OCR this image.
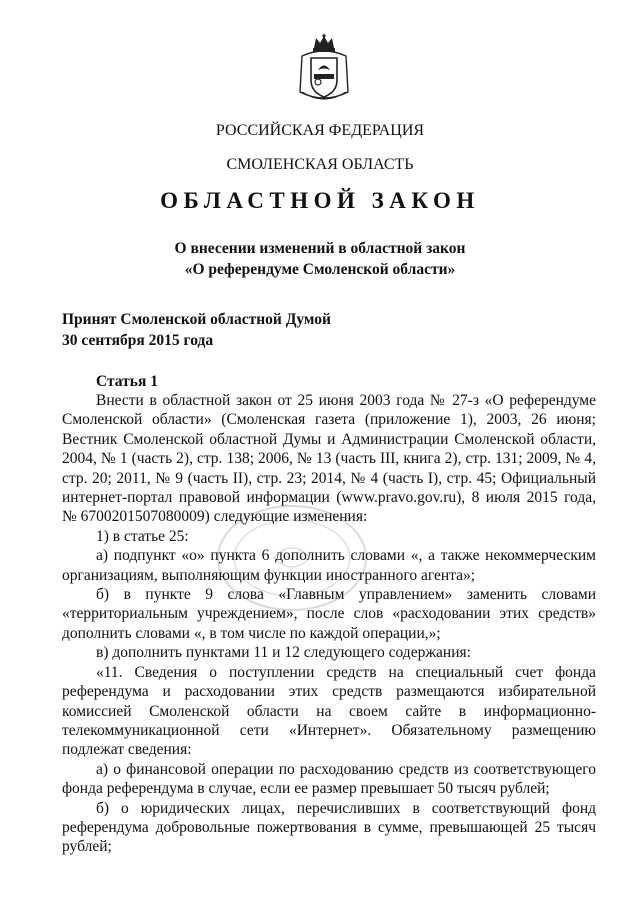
РОССИЙСКАЯ ФЕДЕРАЦИЯ
СМОЛЕНСКАЯ ОБЛАСТЬ
ОБЛАСТНОЙ ЗАКОН
О внесении изменений в областной закон
«О референдуме Смоленской области»
Принят Смоленской областной Думой
30 сентября 2015 года
Статья 1

Внести в областной закон от 25 июня 2003 года № 27-з «О референдуме Смоленской области» (Смоленская газета (приложение 1), 2003, 26 июня; Вестник Смоленской областной Думы и Администрации Смоленской области, 2004, № 1 (часть 2), стр. 138; 2006, № 13 (часть III, книга 2), стр. 131; 2009, № 4, стр. 20; 2011, № 9 (часть II), стр. 23; 2014, № 4 (часть I), стр. 45; Официальный интернет-портал правовой информации (www.pravo.gov.ru), 8 июля 2015 года, № 6700201507080009) следующие изменения:

1) в статье 25:

а) подпункт «о» пункта 6 дополнить словами «, а также некоммерческим организациям, выполняющим функции иностранного агента»;

б) в пункте 9 слова «Главным управлением» заменить словами «территориальным учреждением», после слов «расходовании этих средств» дополнить словами «, в том числе по каждой операции,»;

в) дополнить пунктами 11 и 12 следующего содержания:

«11. Сведения о поступлении средств на специальный счет фонда референдума и расходовании этих средств размещаются избирательной комиссией Смоленской области на своем сайте в информационно-телекоммуникационной сети «Интернет». Обязательному размещению подлежат сведения:

а) о финансовой операции по расходованию средств из соответствующего фонда референдума в случае, если ее размер превышает 50 тысяч рублей;

б) о юридических лицах, перечисливших в соответствующий фонд референдума добровольные пожертвования в сумме, превышающей 25 тысяч рублей;
